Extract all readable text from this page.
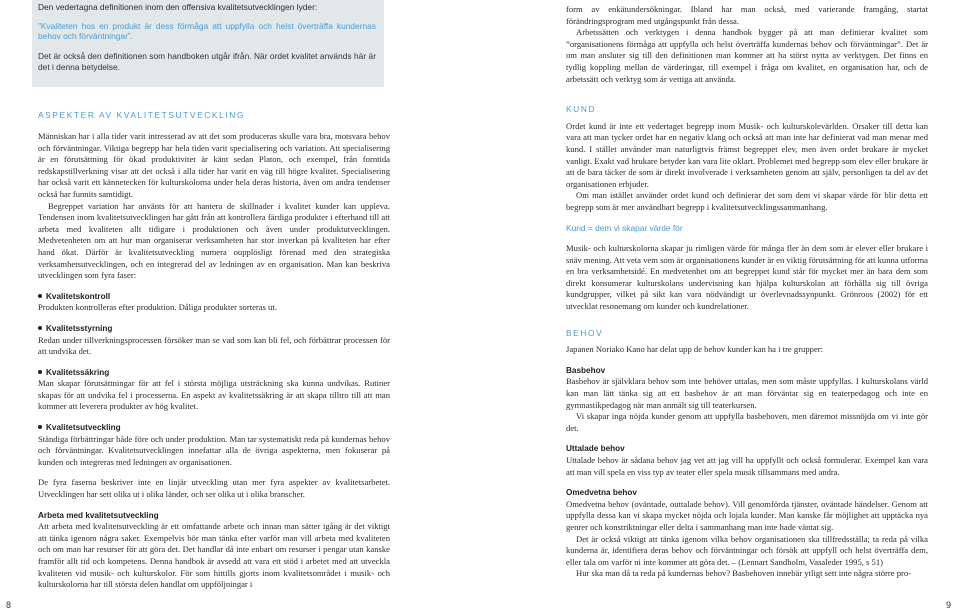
Den vedertagna definitionen inom den offensiva kvalitetsutvecklingen lyder:

”Kvaliteten hos en produkt är dess förmåga att uppfylla och helst överträffa kundernas behov och förväntningar”.

Det är också den definitionen som handboken utgår ifrån. När ordet kvalitet används här är det i denna betydelse.

ASPEKTER AV KVALITETSUTVECKLING

Människan har i alla tider varit intresserad av att det som produceras skulle vara bra, motsvara behov och förväntningar. Viktiga begrepp har hela tiden varit specialisering och variation. Att specialisering är en förutsättning för ökad produktivitet är känt sedan Platon, och exempel, från forntida redskapstillverkning visar att det också i alla tider har varit en väg till högre kvalitet. Specialisering har också varit ett kännetecken för kulturskolorna under hela deras historia, även om andra tendenser också har funnits samtidigt.

Begreppet variation har använts för att hantera de skillnader i kvalitet kunder kan uppleva. Tendensen inom kvalitetsutvecklingen har gått från att kontrollera färdiga produkter i efterhand till att arbeta med kvaliteten allt tidigare i produktionen och även under produktutvecklingen. Medvetenheten om att hur man organiserar verksamheten har stor inverkan på kvaliteten har efter hand ökat. Därför är kvalitetsutveckling numera oupplösligt förenad med den strategiska verksamhetsutvecklingen, och en integrerad del av ledningen av en organisation. Man kan beskriva utvecklingen som fyra faser:

Kvalitetskontroll

Produkten kontrolleras efter produktion. Dåliga produkter sorteras ut.

Kvalitetsstyrning

Redan under tillverkningsprocessen försöker man se vad som kan bli fel, och förbättrar processen för att undvika det.

Kvalitetssäkring

Man skapar förutsättningar för att fel i största möjliga utsträckning ska kunna undvikas. Rutiner skapas för att undvika fel i processerna. En aspekt av kvalitetssäkring är att skapa tilltro till att man kommer att leverera produkter av hög kvalitet.

Kvalitetsutveckling

Ständiga förbättringar både före och under produktion. Man tar systematiskt reda på kundernas behov och förväntningar. Kvalitetsutvecklingen innefattar alla de övriga aspekterna, men fokuserar på kunden och integreras med ledningen av organisationen.

De fyra faserna beskriver inte en linjär utveckling utan mer fyra aspekter av kvalitetsarbetet. Utvecklingen har sett olika ut i olika länder, och ser olika ut i olika branscher.

Arbeta med kvalitetsutveckling

Att arbeta med kvalitetsutveckling är ett omfattande arbete och innan man sätter igång är det viktigt att tänka igenom några saker. Exempelvis bör man tänka efter varför man vill arbeta med kvaliteten och om man har resurser för att göra det. Det handlar då inte enbart om resurser i pengar utan kanske framför allt tid och kompetens. Denna handbok är avsedd att vara ett stöd i arbetet med att utveckla kvaliteten vid musik- och kulturskolor. För som hittills gjorts inom kvalitetsområdet i musik- och kulturskolorna har till största delen handlat om uppföljningar i

form av enkätundersökningar. Ibland har man också, med varierande framgång, startat förändringsprogram med utgångspunkt från dessa.

Arbetssätten och verktygen i denna handbok bygger på att man definierar kvalitet som ”organisationens förmåga att uppfylla och helst överträffa kundernas behov och förväntningar”. Det är om man ansluter sig till den definitionen man kommer att ha störst nytta av verktygen. Det finns en tydlig koppling mellan de värderingar, till exempel i fråga om kvalitet, en organisation har, och de arbetssätt och verktyg som är vettiga att använda.

KUND

Ordet kund är inte ett vedertaget begrepp inom Musik- och kulturskolevärlden. Orsaker till detta kan vara att man tycker ordet har en negativ klang och också att man inte har definierat vad man menar med kund. I stället använder man naturligtvis främst begreppet elev, men även ordet brukare är mycket vanligt. Exakt vad brukare betyder kan vara lite oklart. Problemet med begrepp som elev eller brukare är att de bara täcker de som är direkt involverade i verksamheten genom att själv, personligen ta del av det organisationen erbjuder.

Om man istället använder ordet kund och definierar det som dem vi skapar värde för blir detta ett begrepp som är mer användbart begrepp i kvalitetsutvecklingssammanhang.

Kund = dem vi skapar värde för

Musik- och kulturskolorna skapar ju rimligen värde för många fler än dem som är elever eller brukare i snäv mening. Att veta vem som är organisationens kunder är en viktig förutsättning för att kunna utforma en bra verksamhetsidé. En medvetenhet om att begreppet kund står för mycket mer än bara dem som direkt konsumerar kulturskolans undervisning kan hjälpa kulturskolan att förhålla sig till övriga kundgrupper, vilket på sikt kan vara nödvändigt ur överlevnadssynpunkt. Grönroos (2002) för ett utvecklat resonemang om kunder och kundrelationer.

BEHOV

Japanen Noriako Kano har delat upp de behov kunder kan ha i tre grupper:

Basbehov

Basbehov är självklara behov som inte behöver uttalas, men som måste uppfyllas. I kulturskolans värld kan man lätt tänka sig att ett basbehov är att man förväntar sig en teaterpedagog och inte en gymnastikpedagog när man anmält sig till teaterkursen.

Vi skapar inga nöjda kunder genom att uppfylla basbehoven, men däremot missnöjda om vi inte gör det.

Uttalade behov

Uttalade behov är sådana behov jag vet att jag vill ha uppfyllt och också formulerar. Exempel kan vara att man vill spela en viss typ av teater eller spela musik tillsammans med andra.

Omedvetna behov

Omedvetna behov (oväntade, outtalade behov). Vill genomförda tjänster, oväntade händelser. Genom att uppfylla dessa kan vi skapa mycket nöjda och lojala kunder. Man kanske får möjlighet att upptäcka nya genrer och konstriktningar eller delta i sammanhang man inte hade väntat sig.

Det är också viktigt att tänka igenom vilka behov organisationen ska tillfredsställa; ta reda på vilka kunderna är, identifiera deras behov och förväntningar och försök att uppfyll och helst överträffa dem, eller tala om varför ni inte kommer att göra det. – (Lennart Sandholm, Vasaleder 1995, s 51)

Hur ska man då ta reda på kundernas behov? Basbehoven innebär ytligt sett inte några större pro-

8	9
